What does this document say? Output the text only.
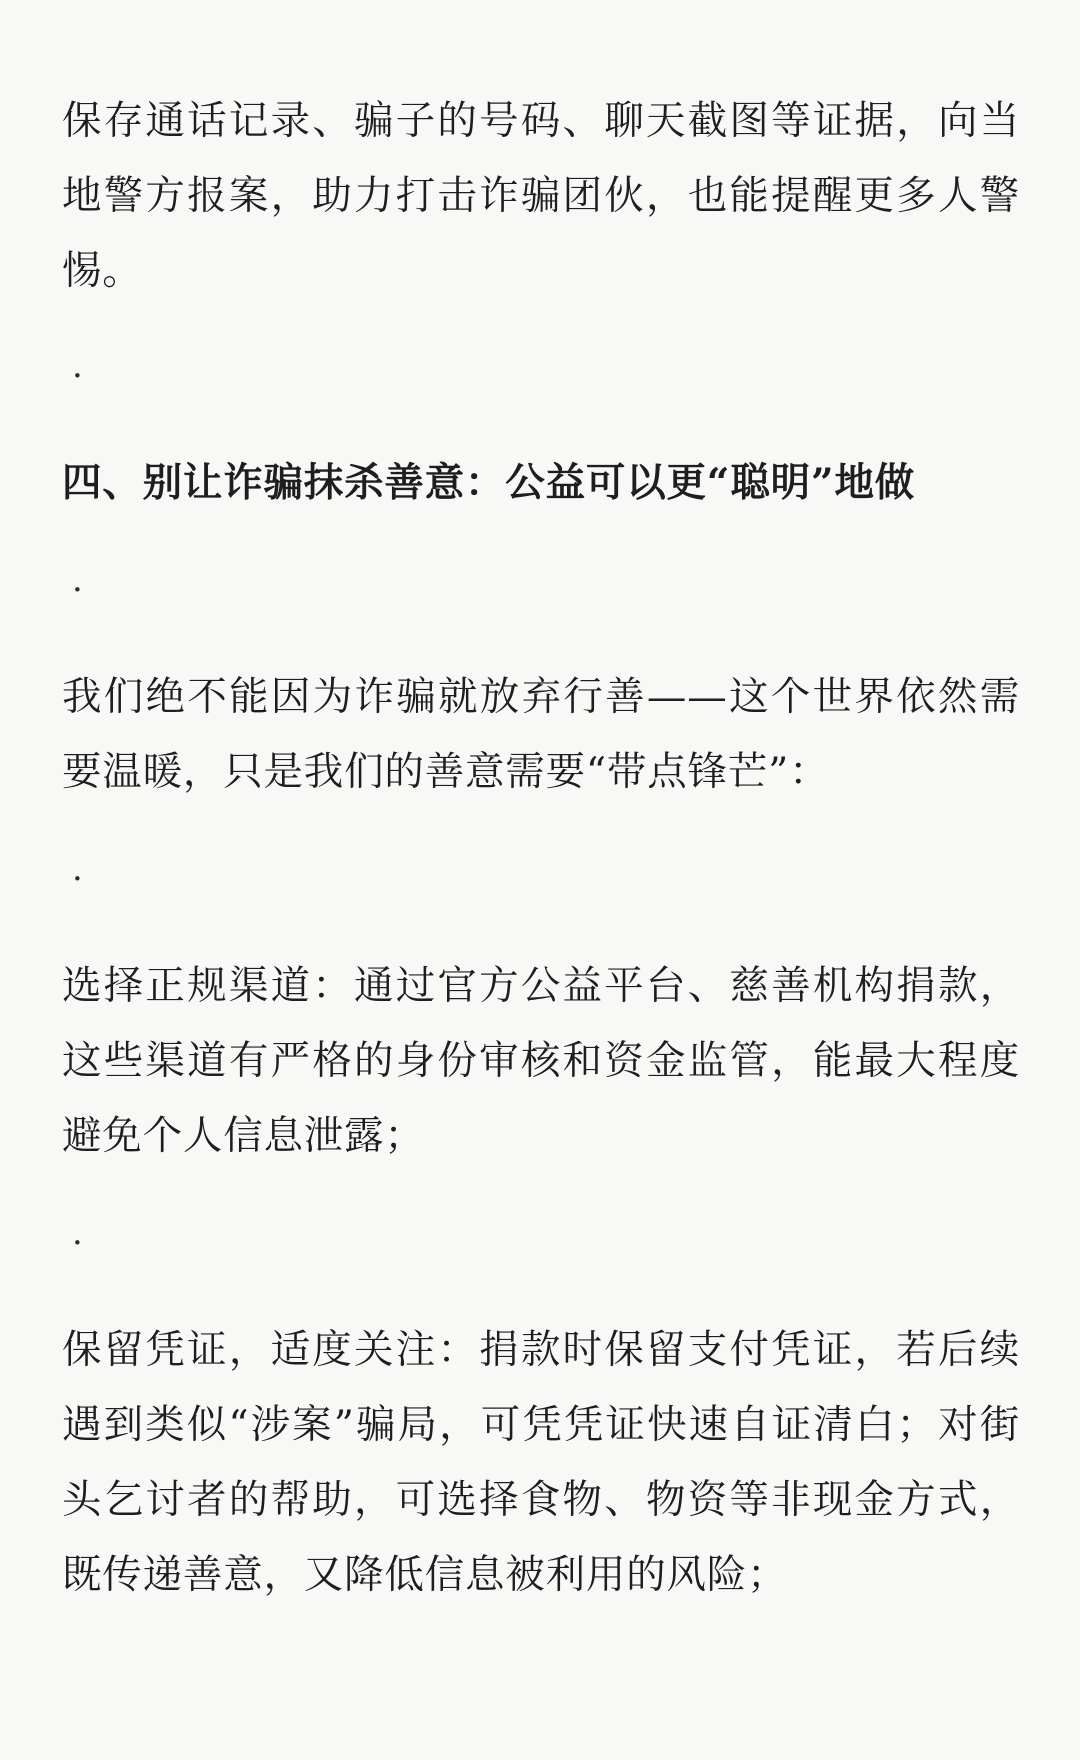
保存通话记录、骗子的号码、聊天截图等证据，向当地警方报案，助力打击诈骗团伙，也能提醒更多人警惕。

·

四、别让诈骗抹杀善意：公益可以更“聪明”地做

·

我们绝不能因为诈骗就放弃行善——这个世界依然需要温暖，只是我们的善意需要“带点锋芒”：

·

选择正规渠道：通过官方公益平台、慈善机构捐款，这些渠道有严格的身份审核和资金监管，能最大程度避免个人信息泄露；

·

保留凭证，适度关注：捐款时保留支付凭证，若后续遇到类似“涉案”骗局，可凭凭证快速自证清白；对街头乞讨者的帮助，可选择食物、物资等非现金方式，既传递善意，又降低信息被利用的风险；
